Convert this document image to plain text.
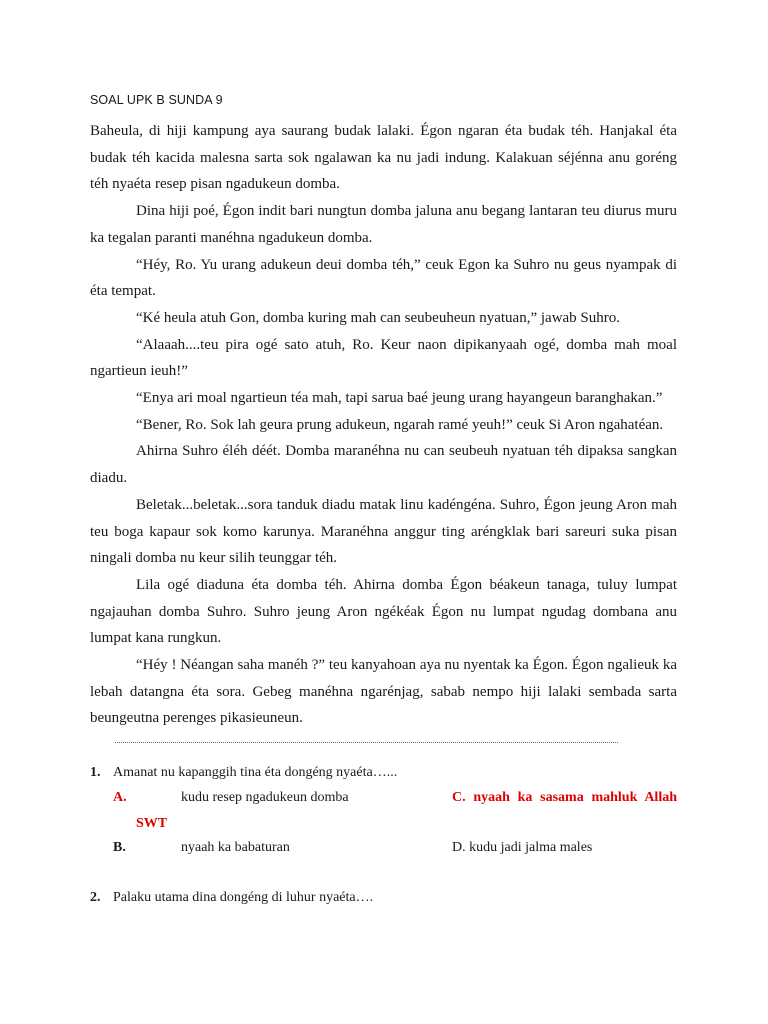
SOAL UPK B SUNDA 9

Baheula, di hiji kampung aya saurang budak lalaki. Égon ngaran éta budak téh. Hanjakal éta budak téh kacida malesna sarta sok ngalawan ka nu jadi indung. Kalakuan séjénna anu goréng téh nyaéta resep pisan ngadukeun domba.

Dina hiji poé, Égon indit bari nungtun domba jaluna anu begang lantaran teu diurus muru ka tegalan paranti manéhna ngadukeun domba.

“Héy, Ro. Yu urang adukeun deui domba téh,” ceuk Egon ka Suhro nu geus nyampak di éta tempat.

“Ké heula atuh Gon, domba kuring mah can seubeuheun nyatuan,” jawab Suhro.

“Alaaah....teu pira ogé sato atuh, Ro. Keur naon dipikanyaah ogé, domba mah moal ngartieun ieuh!”

“Enya ari moal ngartieun téa mah, tapi sarua baé jeung urang hayangeun baranghakan.”

“Bener, Ro. Sok lah geura prung adukeun, ngarah ramé yeuh!” ceuk Si Aron ngahatéan.

Ahirna Suhro éléh déét. Domba maranéhna nu can seubeuh nyatuan téh dipaksa sangkan diadu.

Beletak...beletak...sora tanduk diadu matak linu kadéngéna. Suhro, Égon jeung Aron mah teu boga kapaur sok komo karunya. Maranéhna anggur ting aréngklak bari sareuri suka pisan ningali domba nu keur silih teunggar téh.

Lila ogé diaduna éta domba téh. Ahirna domba Égon béakeun tanaga, tuluy lumpat ngajauhan domba Suhro. Suhro jeung Aron ngékéak Égon nu lumpat ngudag dombana anu lumpat kana rungkun.

“Héy ! Néangan saha manéh ?” teu kanyahoan aya nu nyentak ka Égon. Égon ngalieuk ka lebah datangna éta sora. Gebeg manéhna ngarénjag, sabab nempo hiji lalaki sembada sarta beungeutna perenges pikasieuneun.

1. Amanat nu kapanggih tina éta dongéng nyaéta…...
A.	kudu resep ngadukeun domba	C. nyaah ka sasama mahluk Allah
SWT
B.	nyaah ka babaturan	D. kudu jadi jalma males
2. Palaku utama dina dongéng di luhur nyaéta….
